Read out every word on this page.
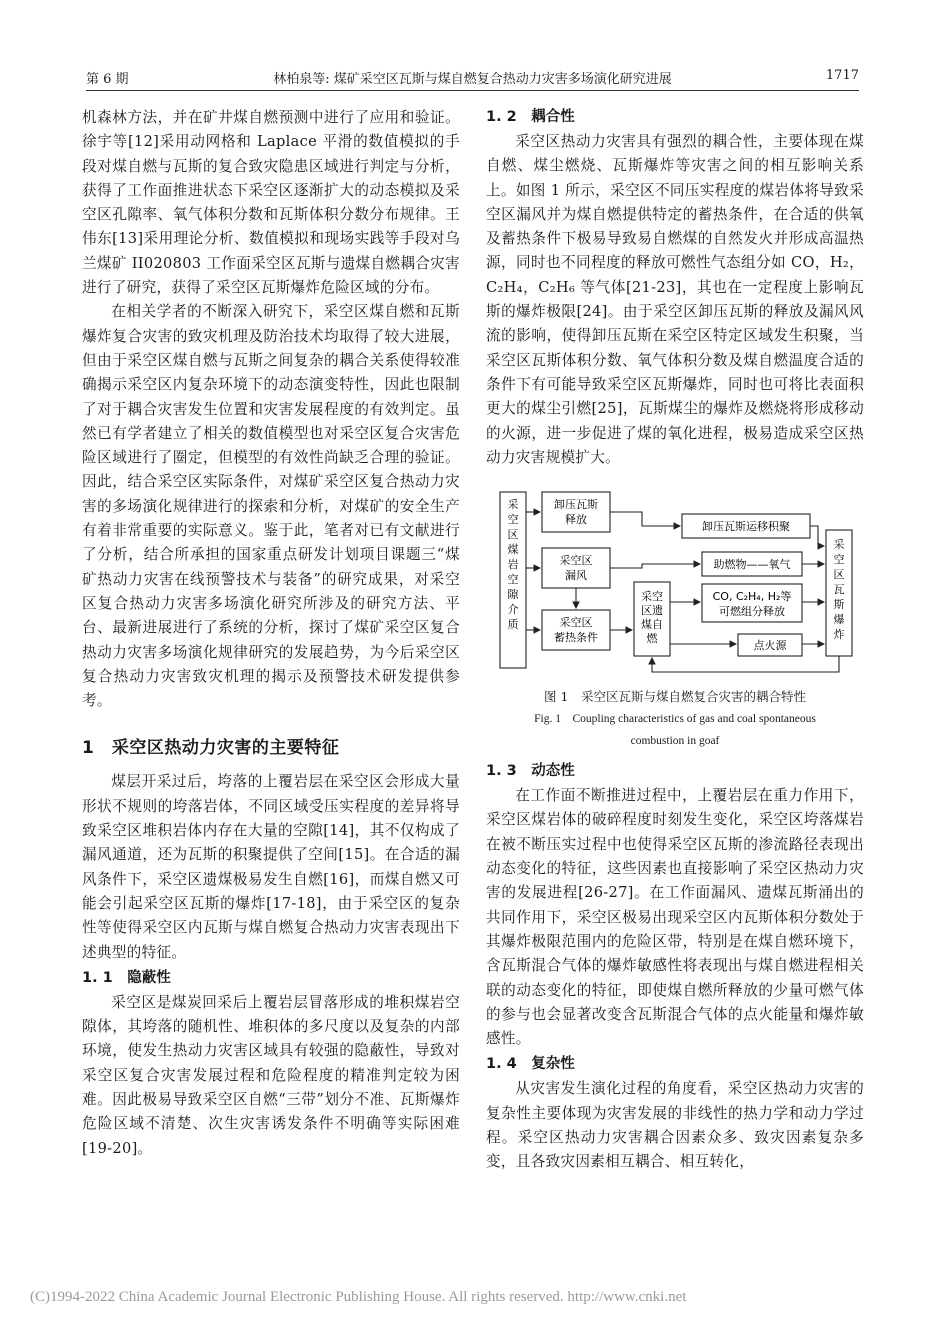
第 6 期	林柏泉等: 煤矿采空区瓦斯与煤自燃复合热动力灾害多场演化研究进展	1717

机森林方法，并在矿井煤自燃预测中进行了应用和验证。徐宇等[12]采用动网格和 Laplace 平滑的数值模拟的手段对煤自燃与瓦斯的复合致灾隐患区域进行判定与分析，获得了工作面推进状态下采空区逐渐扩大的动态模拟及采空区孔隙率、氧气体积分数和瓦斯体积分数分布规律。王伟东[13]采用理论分析、数值模拟和现场实践等手段对乌兰煤矿 II020803 工作面采空区瓦斯与遗煤自燃耦合灾害进行了研究，获得了采空区瓦斯爆炸危险区域的分布。

在相关学者的不断深入研究下，采空区煤自燃和瓦斯爆炸复合灾害的致灾机理及防治技术均取得了较大进展，但由于采空区煤自燃与瓦斯之间复杂的耦合关系使得较准确揭示采空区内复杂环境下的动态演变特性，因此也限制了对于耦合灾害发生位置和灾害发展程度的有效判定。虽然已有学者建立了相关的数值模型也对采空区复合灾害危险区域进行了圈定，但模型的有效性尚缺乏合理的验证。因此，结合采空区实际条件，对煤矿采空区复合热动力灾害的多场演化规律进行的探索和分析，对煤矿的安全生产有着非常重要的实际意义。鉴于此，笔者对已有文献进行了分析，结合所承担的国家重点研发计划项目课题三“煤矿热动力灾害在线预警技术与装备”的研究成果，对采空区复合热动力灾害多场演化研究所涉及的研究方法、平台、最新进展进行了系统的分析，探讨了煤矿采空区复合热动力灾害多场演化规律研究的发展趋势，为今后采空区复合热动力灾害致灾机理的揭示及预警技术研发提供参考。

1　采空区热动力灾害的主要特征

煤层开采过后，垮落的上覆岩层在采空区会形成大量形状不规则的垮落岩体，不同区域受压实程度的差异将导致采空区堆积岩体内存在大量的空隙[14]，其不仅构成了漏风通道，还为瓦斯的积聚提供了空间[15]。在合适的漏风条件下，采空区遗煤极易发生自燃[16]，而煤自燃又可能会引起采空区瓦斯的爆炸[17-18]，由于采空区的复杂性等使得采空区内瓦斯与煤自燃复合热动力灾害表现出下述典型的特征。

1. 1　隐蔽性

采空区是煤炭回采后上覆岩层冒落形成的堆积煤岩空隙体，其垮落的随机性、堆积体的多尺度以及复杂的内部环境，使发生热动力灾害区域具有较强的隐蔽性，导致对采空区复合灾害发展过程和危险程度的精准判定较为困难。因此极易导致采空区自燃“三带”划分不准、瓦斯爆炸危险区域不清楚、次生灾害诱发条件不明确等实际困难[19-20]。

1. 2　耦合性

采空区热动力灾害具有强烈的耦合性，主要体现在煤自燃、煤尘燃烧、瓦斯爆炸等灾害之间的相互影响关系上。如图 1 所示，采空区不同压实程度的煤岩体将导致采空区漏风并为煤自燃提供特定的蓄热条件，在合适的供氧及蓄热条件下极易导致易自燃煤的自然发火并形成高温热源，同时也不同程度的释放可燃性气态组分如 CO，H₂，C₂H₄，C₂H₆ 等气体[21-23]，其也在一定程度上影响瓦斯的爆炸极限[24]。由于采空区卸压瓦斯的释放及漏风风流的影响，使得卸压瓦斯在采空区特定区域发生积聚，当采空区瓦斯体积分数、氧气体积分数及煤自燃温度合适的条件下有可能导致采空区瓦斯爆炸，同时也可将比表面积更大的煤尘引燃[25]，瓦斯煤尘的爆炸及燃烧将形成移动的火源，进一步促进了煤的氧化进程，极易造成采空区热动力灾害规模扩大。

采空区煤岩空隙介质
卸压瓦斯释放
采空区漏风
采空区蓄热条件
采空区遗煤自燃
卸压瓦斯运移积聚
助燃物——氧气
CO, C₂H₄, H₂等
可燃组分释放
点火源
采空区瓦斯爆炸

图 1　采空区瓦斯与煤自燃复合灾害的耦合特性

Fig. 1　Coupling characteristics of gas and coal spontaneous
combustion in goaf

1. 3　动态性

在工作面不断推进过程中，上覆岩层在重力作用下，采空区煤岩体的破碎程度时刻发生变化，采空区垮落煤岩在被不断压实过程中也使得采空区瓦斯的渗流路径表现出动态变化的特征，这些因素也直接影响了采空区热动力灾害的发展进程[26-27]。在工作面漏风、遗煤瓦斯涌出的共同作用下，采空区极易出现采空区内瓦斯体积分数处于其爆炸极限范围内的危险区带，特别是在煤自燃环境下，含瓦斯混合气体的爆炸敏感性将表现出与煤自燃进程相关联的动态变化的特征，即使煤自燃所释放的少量可燃气体的参与也会显著改变含瓦斯混合气体的点火能量和爆炸敏感性。

1. 4　复杂性

从灾害发生演化过程的角度看，采空区热动力灾害的复杂性主要体现为灾害发展的非线性的热力学和动力学过程。采空区热动力灾害耦合因素众多、致灾因素复杂多变，且各致灾因素相互耦合、相互转化，

(C)1994-2022 China Academic Journal Electronic Publishing House. All rights reserved. http://www.cnki.net
